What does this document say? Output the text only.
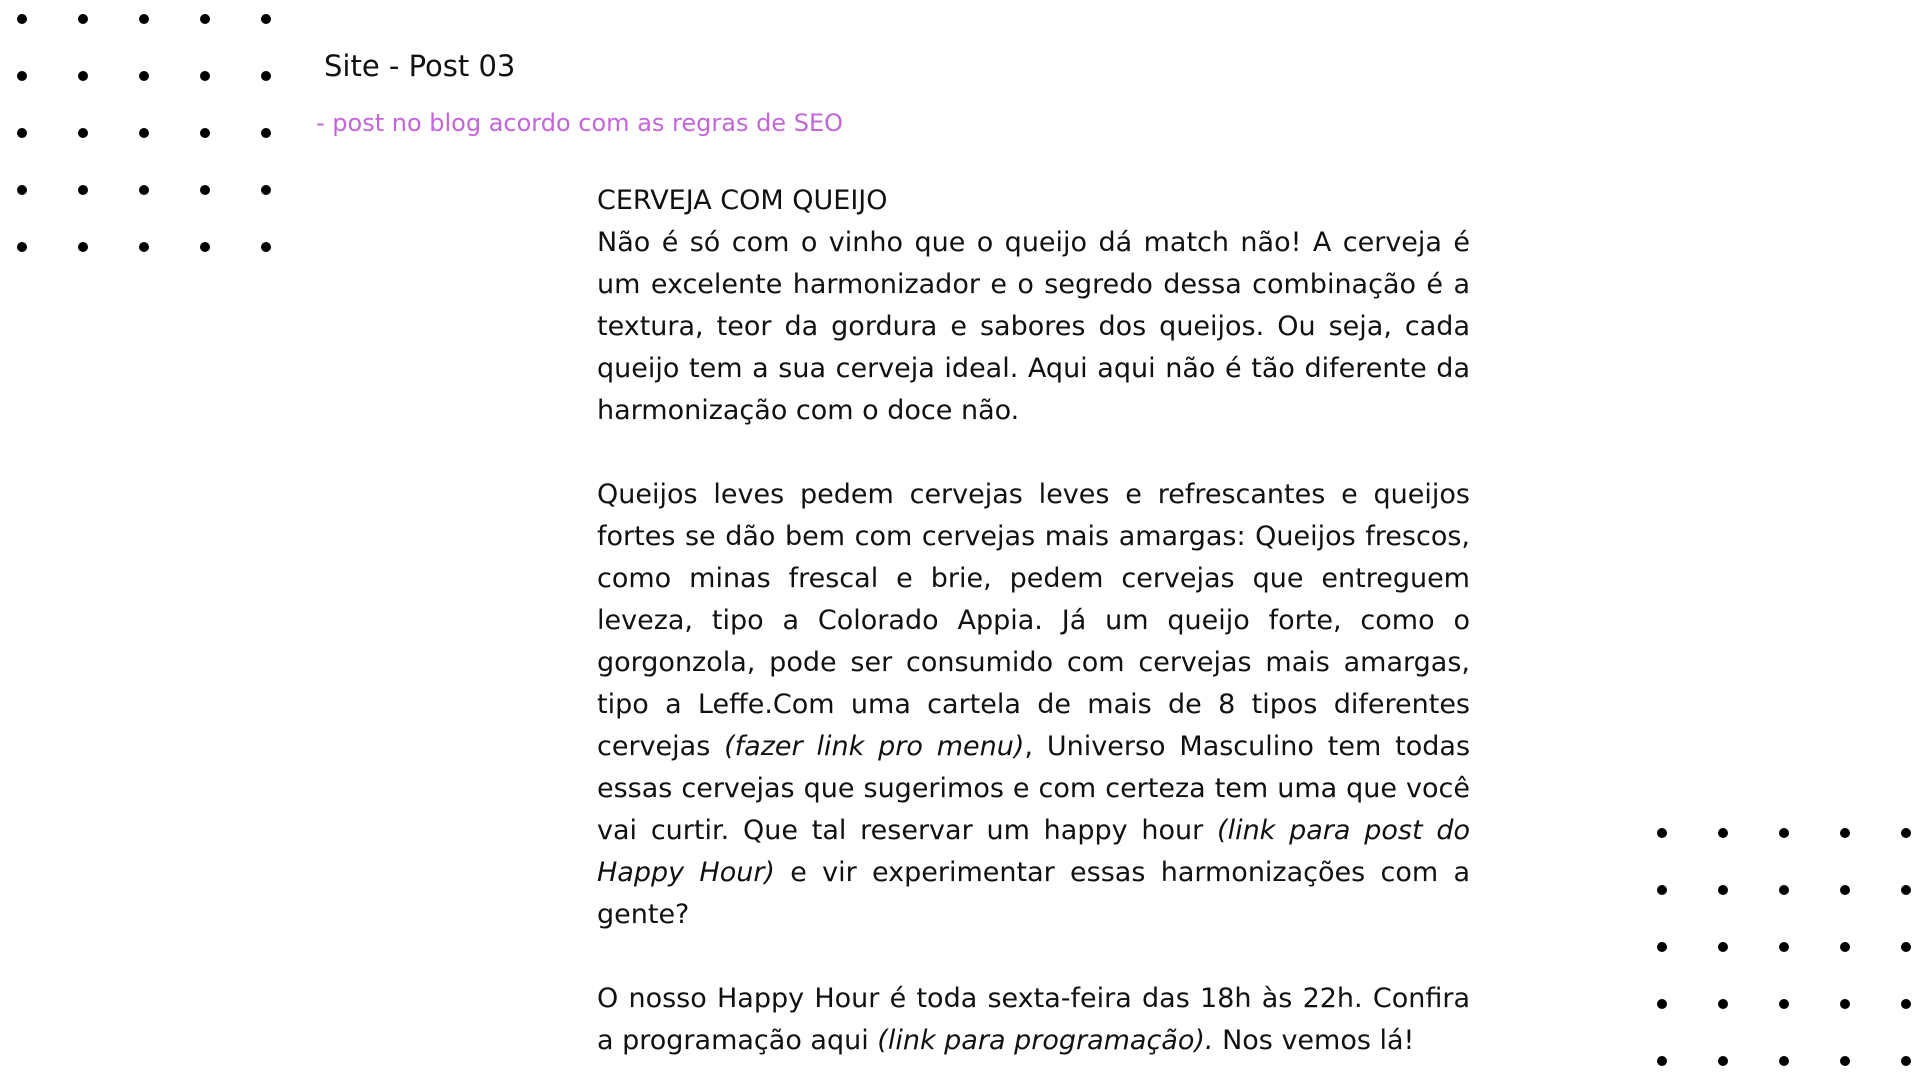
Site - Post 03

- post no blog acordo com as regras de SEO

CERVEJA COM QUEIJO

Não é só com o vinho que o queijo dá match não! A cerveja é um excelente harmonizador e o segredo dessa combinação é a textura, teor da gordura e sabores dos queijos. Ou seja, cada queijo tem a sua cerveja ideal. Aqui aqui não é tão diferente da harmonização com o doce não.

Queijos leves pedem cervejas leves e refrescantes e queijos fortes se dão bem com cervejas mais amargas: Queijos frescos, como minas frescal e brie, pedem cervejas que entreguem leveza, tipo a Colorado Appia. Já um queijo forte, como o gorgonzola, pode ser consumido com cervejas mais amargas, tipo a Leffe.Com uma cartela de mais de 8 tipos diferentes cervejas (fazer link pro menu), Universo Masculino tem todas essas cervejas que sugerimos e com certeza tem uma que você vai curtir. Que tal reservar um happy hour (link para post do Happy Hour) e vir experimentar essas harmonizações com a gente?

O nosso Happy Hour é toda sexta-feira das 18h às 22h. Confira a programação aqui (link para programação). Nos vemos lá!
